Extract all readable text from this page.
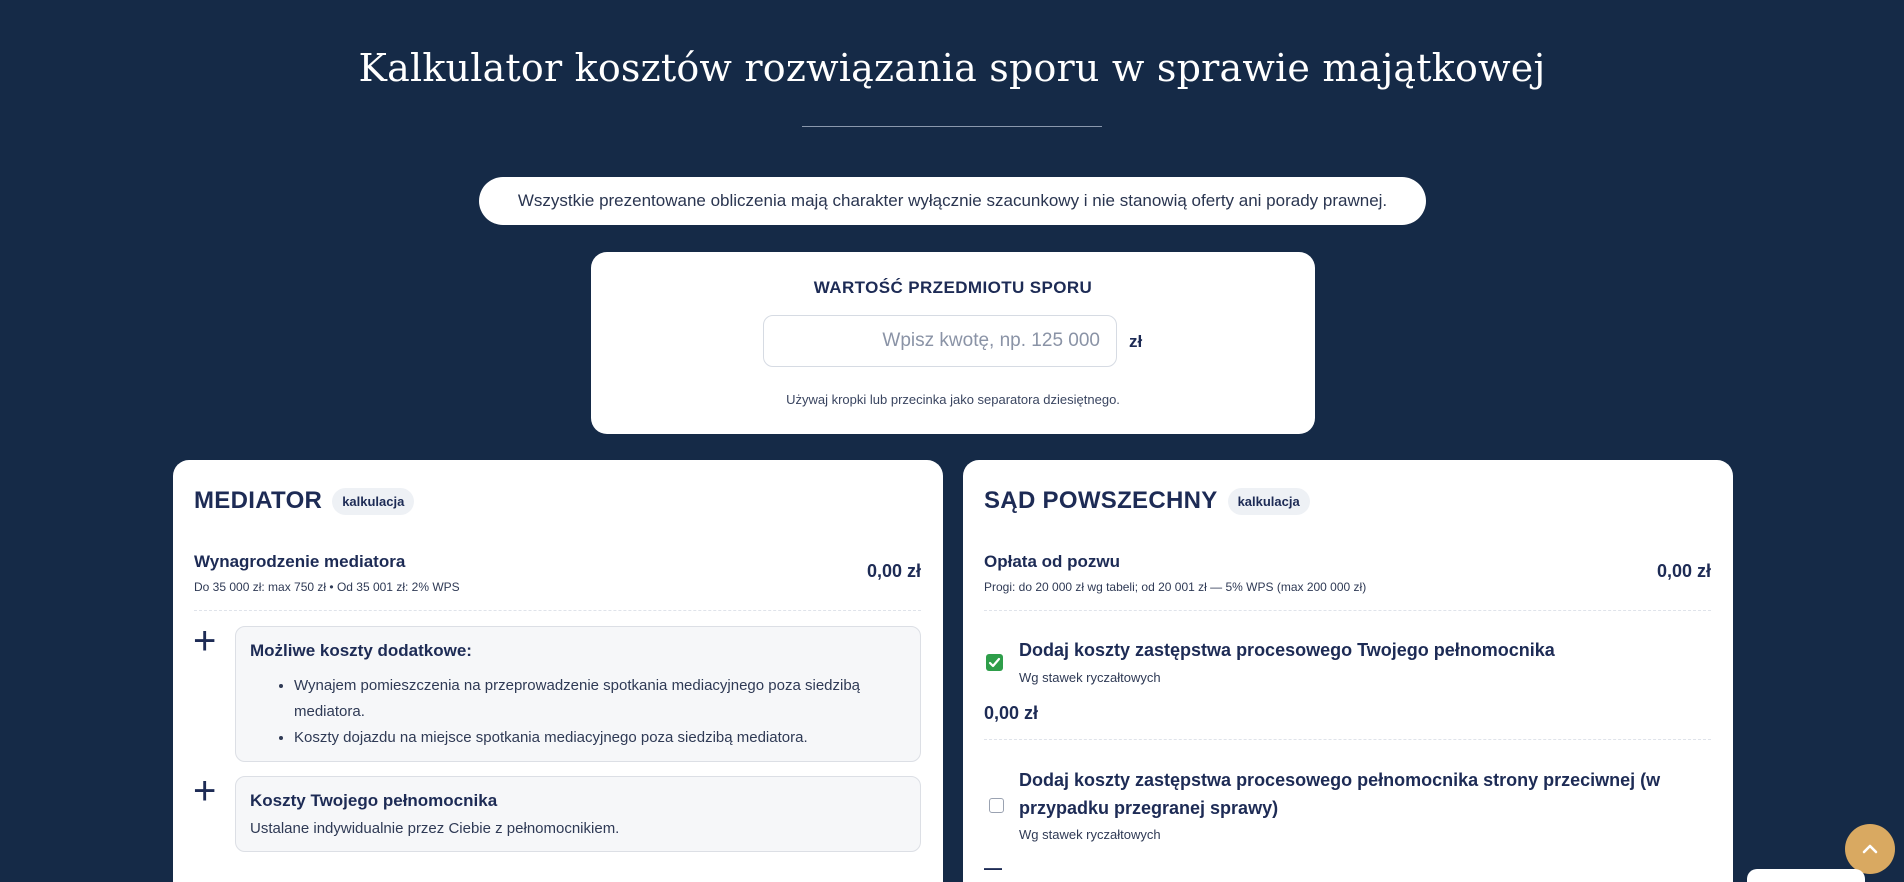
Kalkulator kosztów rozwiązania sporu w sprawie majątkowej
Wszystkie prezentowane obliczenia mają charakter wyłącznie szacunkowy i nie stanowią oferty ani porady prawnej.
WARTOŚĆ PRZEDMIOTU SPORU
Wpisz kwotę, np. 125 000
zł
Używaj kropki lub przecinka jako separatora dziesiętnego.
MEDIATOR	kalkulacja
Wynagrodzenie mediatora
Do 35 000 zł: max 750 zł • Od 35 001 zł: 2% WPS
0,00 zł
+ Możliwe koszty dodatkowe:
• Wynajem pomieszczenia na przeprowadzenie spotkania mediacyjnego poza siedzibą mediatora.
• Koszty dojazdu na miejsce spotkania mediacyjnego poza siedzibą mediatora.
+ Koszty Twojego pełnomocnika
Ustalane indywidualnie przez Ciebie z pełnomocnikiem.
SĄD POWSZECHNY	kalkulacja
Opłata od pozwu
Progi: do 20 000 zł wg tabeli; od 20 001 zł — 5% WPS (max 200 000 zł)
0,00 zł
Dodaj koszty zastępstwa procesowego Twojego pełnomocnika
Wg stawek ryczałtowych
0,00 zł
Dodaj koszty zastępstwa procesowego pełnomocnika strony przeciwnej (w
przypadku przegranej sprawy)
Wg stawek ryczałtowych
—
